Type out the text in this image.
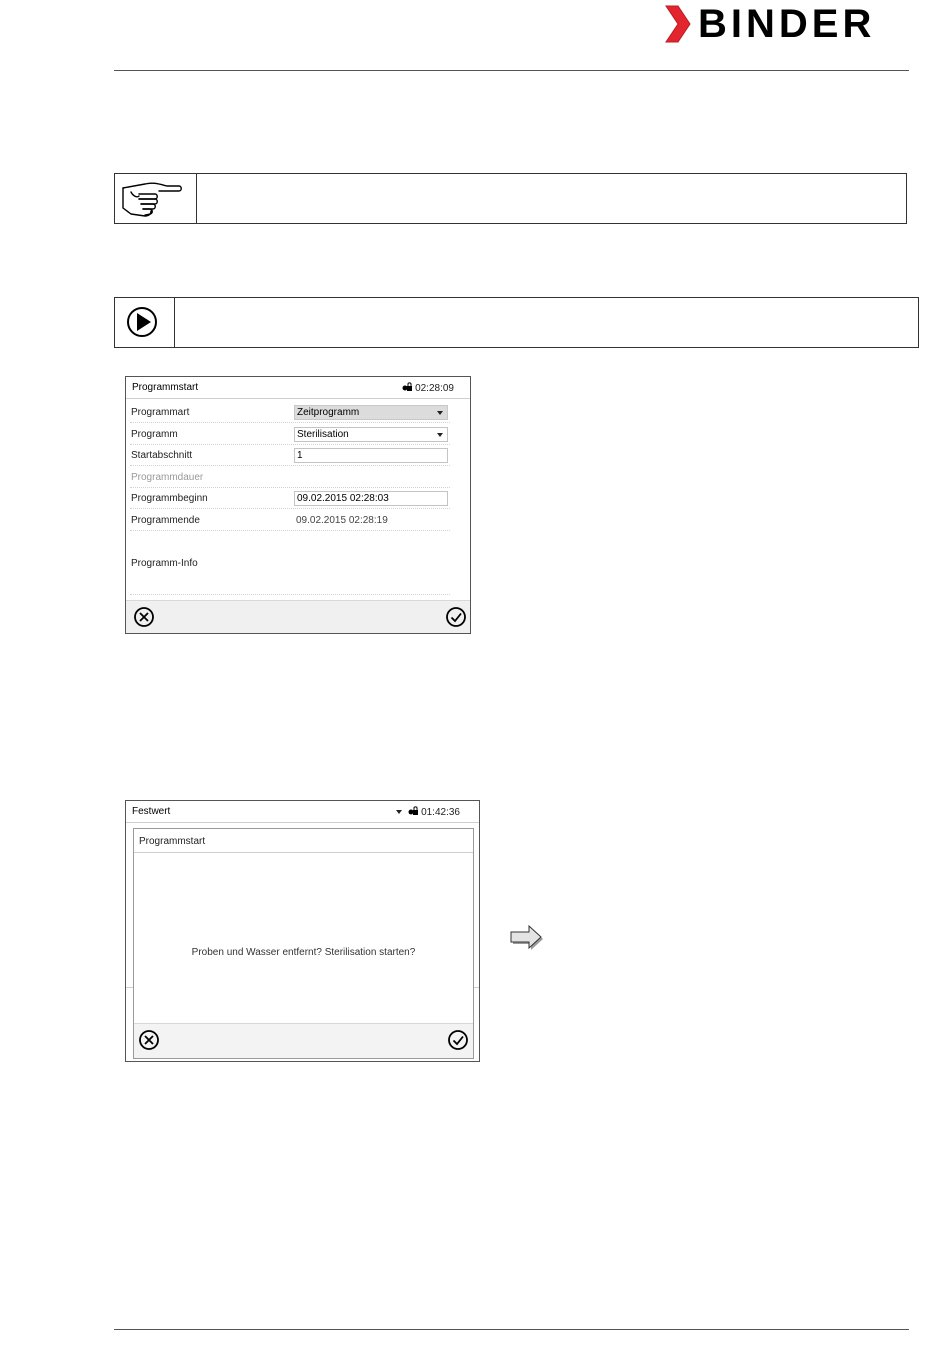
BINDER
Programmstart	02:28:09
Programmart	Zeitprogramm
Programm	Sterilisation
Startabschnitt	1
Programmdauer
Programmbeginn	09.02.2015 02:28:03
Programmende	09.02.2015 02:28:19
Programm-Info
Festwert	01:42:36
Programmstart
Proben und Wasser entfernt? Sterilisation starten?
